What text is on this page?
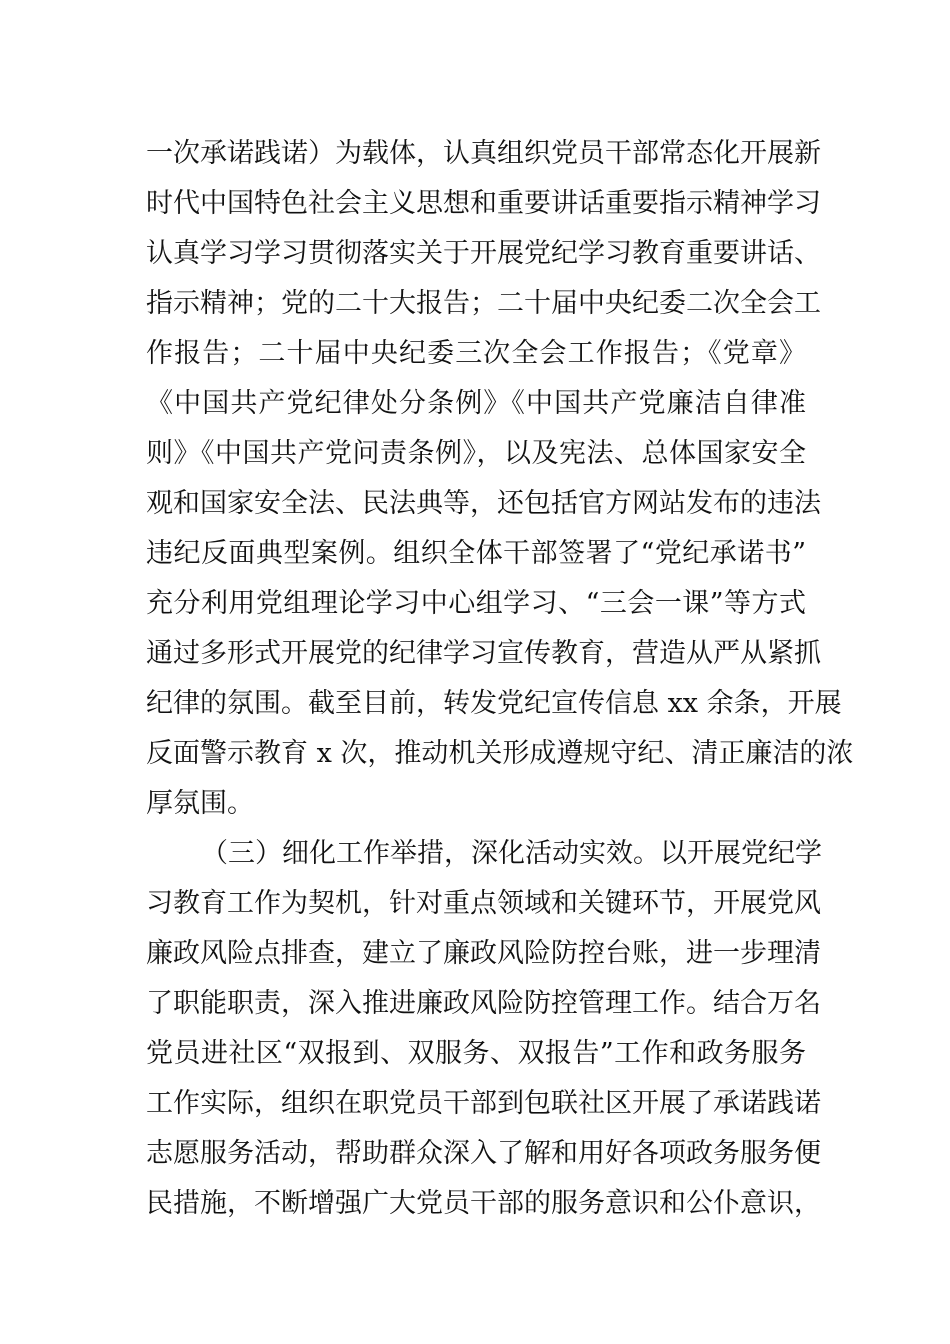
一次承诺践诺）为载体，认真组织党员干部常态化开展新
时代中国特色社会主义思想和重要讲话重要指示精神学习
认真学习学习贯彻落实关于开展党纪学习教育重要讲话、
指示精神；党的二十大报告；二十届中央纪委二次全会工
作报告；二十届中央纪委三次全会工作报告；《党章》
《中国共产党纪律处分条例》《中国共产党廉洁自律准
则》《中国共产党问责条例》，以及宪法、总体国家安全
观和国家安全法、民法典等，还包括官方网站发布的违法
违纪反面典型案例。组织全体干部签署了“党纪承诺书”
充分利用党组理论学习中心组学习、“三会一课”等方式
通过多形式开展党的纪律学习宣传教育，营造从严从紧抓
纪律的氛围。截至目前，转发党纪宣传信息 xx 余条，开展
反面警示教育 x 次，推动机关形成遵规守纪、清正廉洁的浓
厚氛围。
（三）细化工作举措，深化活动实效。以开展党纪学
习教育工作为契机，针对重点领域和关键环节，开展党风
廉政风险点排查，建立了廉政风险防控台账，进一步理清
了职能职责，深入推进廉政风险防控管理工作。结合万名
党员进社区“双报到、双服务、双报告”工作和政务服务
工作实际，组织在职党员干部到包联社区开展了承诺践诺
志愿服务活动，帮助群众深入了解和用好各项政务服务便
民措施，不断增强广大党员干部的服务意识和公仆意识，
